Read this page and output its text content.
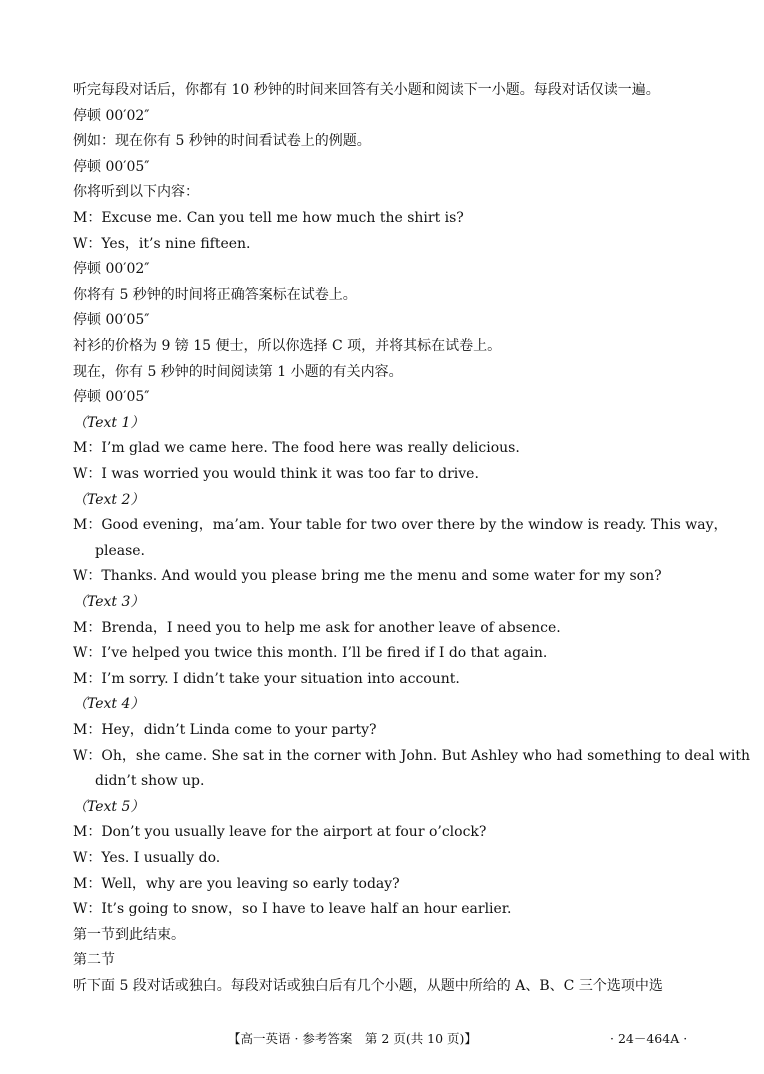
听完每段对话后，你都有 10 秒钟的时间来回答有关小题和阅读下一小题。每段对话仅读一遍。
停顿 00′02″
例如：现在你有 5 秒钟的时间看试卷上的例题。
停顿 00′05″
你将听到以下内容：
M：Excuse me. Can you tell me how much the shirt is?
W：Yes，it’s nine fifteen.
停顿 00′02″
你将有 5 秒钟的时间将正确答案标在试卷上。
停顿 00′05″
衬衫的价格为 9 镑 15 便士，所以你选择 C 项，并将其标在试卷上。
现在，你有 5 秒钟的时间阅读第 1 小题的有关内容。
停顿 00′05″
（Text 1）
M：I’m glad we came here. The food here was really delicious.
W：I was worried you would think it was too far to drive.
（Text 2）
M：Good evening，ma’am. Your table for two over there by the window is ready. This way，
please.
W：Thanks. And would you please bring me the menu and some water for my son?
（Text 3）
M：Brenda，I need you to help me ask for another leave of absence.
W：I’ve helped you twice this month. I’ll be fired if I do that again.
M：I’m sorry. I didn’t take your situation into account.
（Text 4）
M：Hey，didn’t Linda come to your party?
W：Oh，she came. She sat in the corner with John. But Ashley who had something to deal with
didn’t show up.
（Text 5）
M：Don’t you usually leave for the airport at four o’clock?
W：Yes. I usually do.
M：Well，why are you leaving so early today?
W：It’s going to snow，so I have to leave half an hour earlier.
第一节到此结束。
第二节
听下面 5 段对话或独白。每段对话或独白后有几个小题，从题中所给的 A、B、C 三个选项中选
【高一英语 · 参考答案　第 2 页(共 10 页)】	· 24－464A ·
